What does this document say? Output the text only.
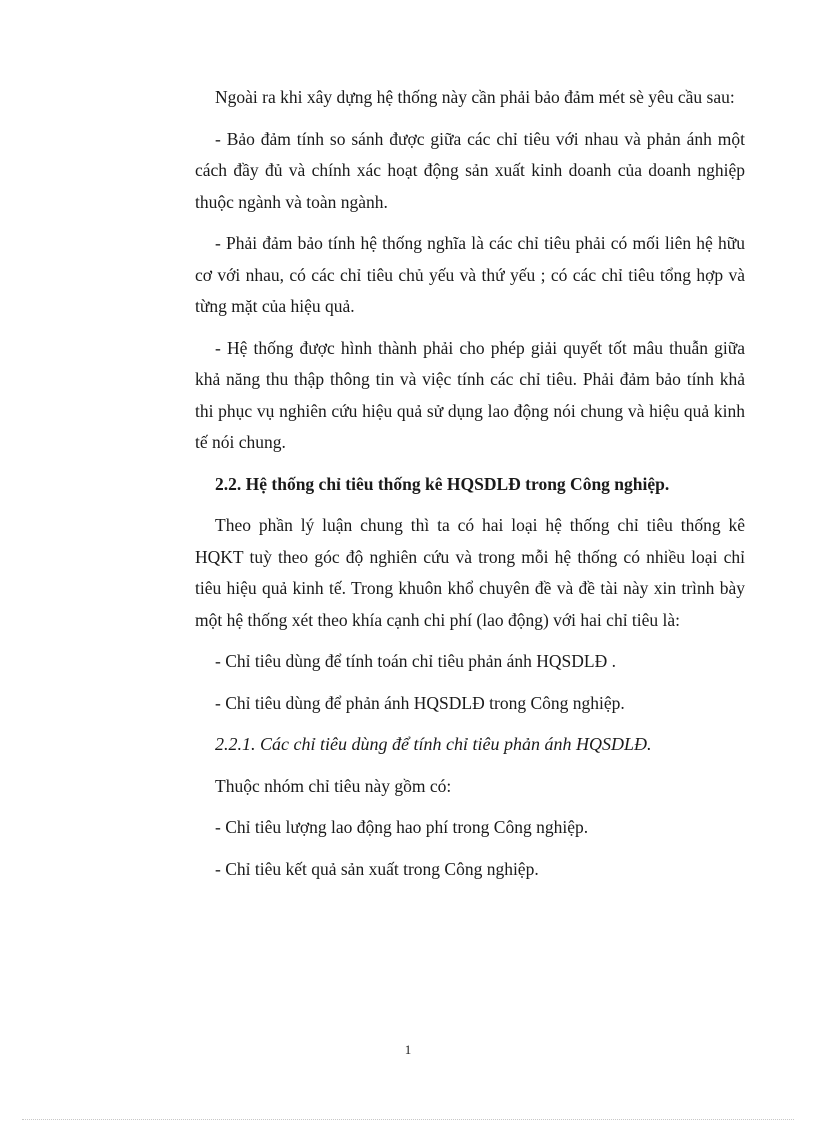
Ngoài ra khi xây dựng hệ thống này cần phải bảo đảm mét sè yêu cầu sau:

- Bảo đảm tính so sánh được giữa các chỉ tiêu với nhau và phản ánh một cách đầy đủ và chính xác hoạt động sản xuất kinh doanh của doanh nghiệp thuộc ngành và toàn ngành.

- Phải đảm bảo tính hệ thống nghĩa là các chỉ tiêu phải có mối liên hệ hữu cơ với nhau, có các chỉ tiêu chủ yếu và thứ yếu ; có các chỉ tiêu tổng hợp và từng mặt của hiệu quả.

- Hệ thống được hình thành phải cho phép giải quyết tốt mâu thuẫn giữa khả năng thu thập thông tin và việc tính các chỉ tiêu. Phải đảm bảo tính khả thi phục vụ nghiên cứu hiệu quả sử dụng lao động nói chung và hiệu quả kinh tế nói chung.

2.2. Hệ thống chỉ tiêu thống kê HQSDLĐ trong Công nghiệp.

Theo phần lý luận chung thì ta có hai loại hệ thống chỉ tiêu thống kê HQKT tuỳ theo góc độ nghiên cứu và trong mỗi hệ thống có nhiều loại chỉ tiêu hiệu quả kinh tế. Trong khuôn khổ chuyên đề và đề tài này xin trình bày một hệ thống xét theo khía cạnh chi phí (lao động) với hai chỉ tiêu là:

- Chỉ tiêu dùng để tính toán chỉ tiêu phản ánh HQSDLĐ .

- Chỉ tiêu dùng để phản ánh HQSDLĐ trong Công nghiệp.

2.2.1. Các chỉ tiêu dùng để tính chỉ tiêu phản ánh HQSDLĐ.

Thuộc nhóm chỉ tiêu này gồm có:

- Chỉ tiêu lượng lao động hao phí trong Công nghiệp.

- Chỉ tiêu kết quả sản xuất trong Công nghiệp.

1
